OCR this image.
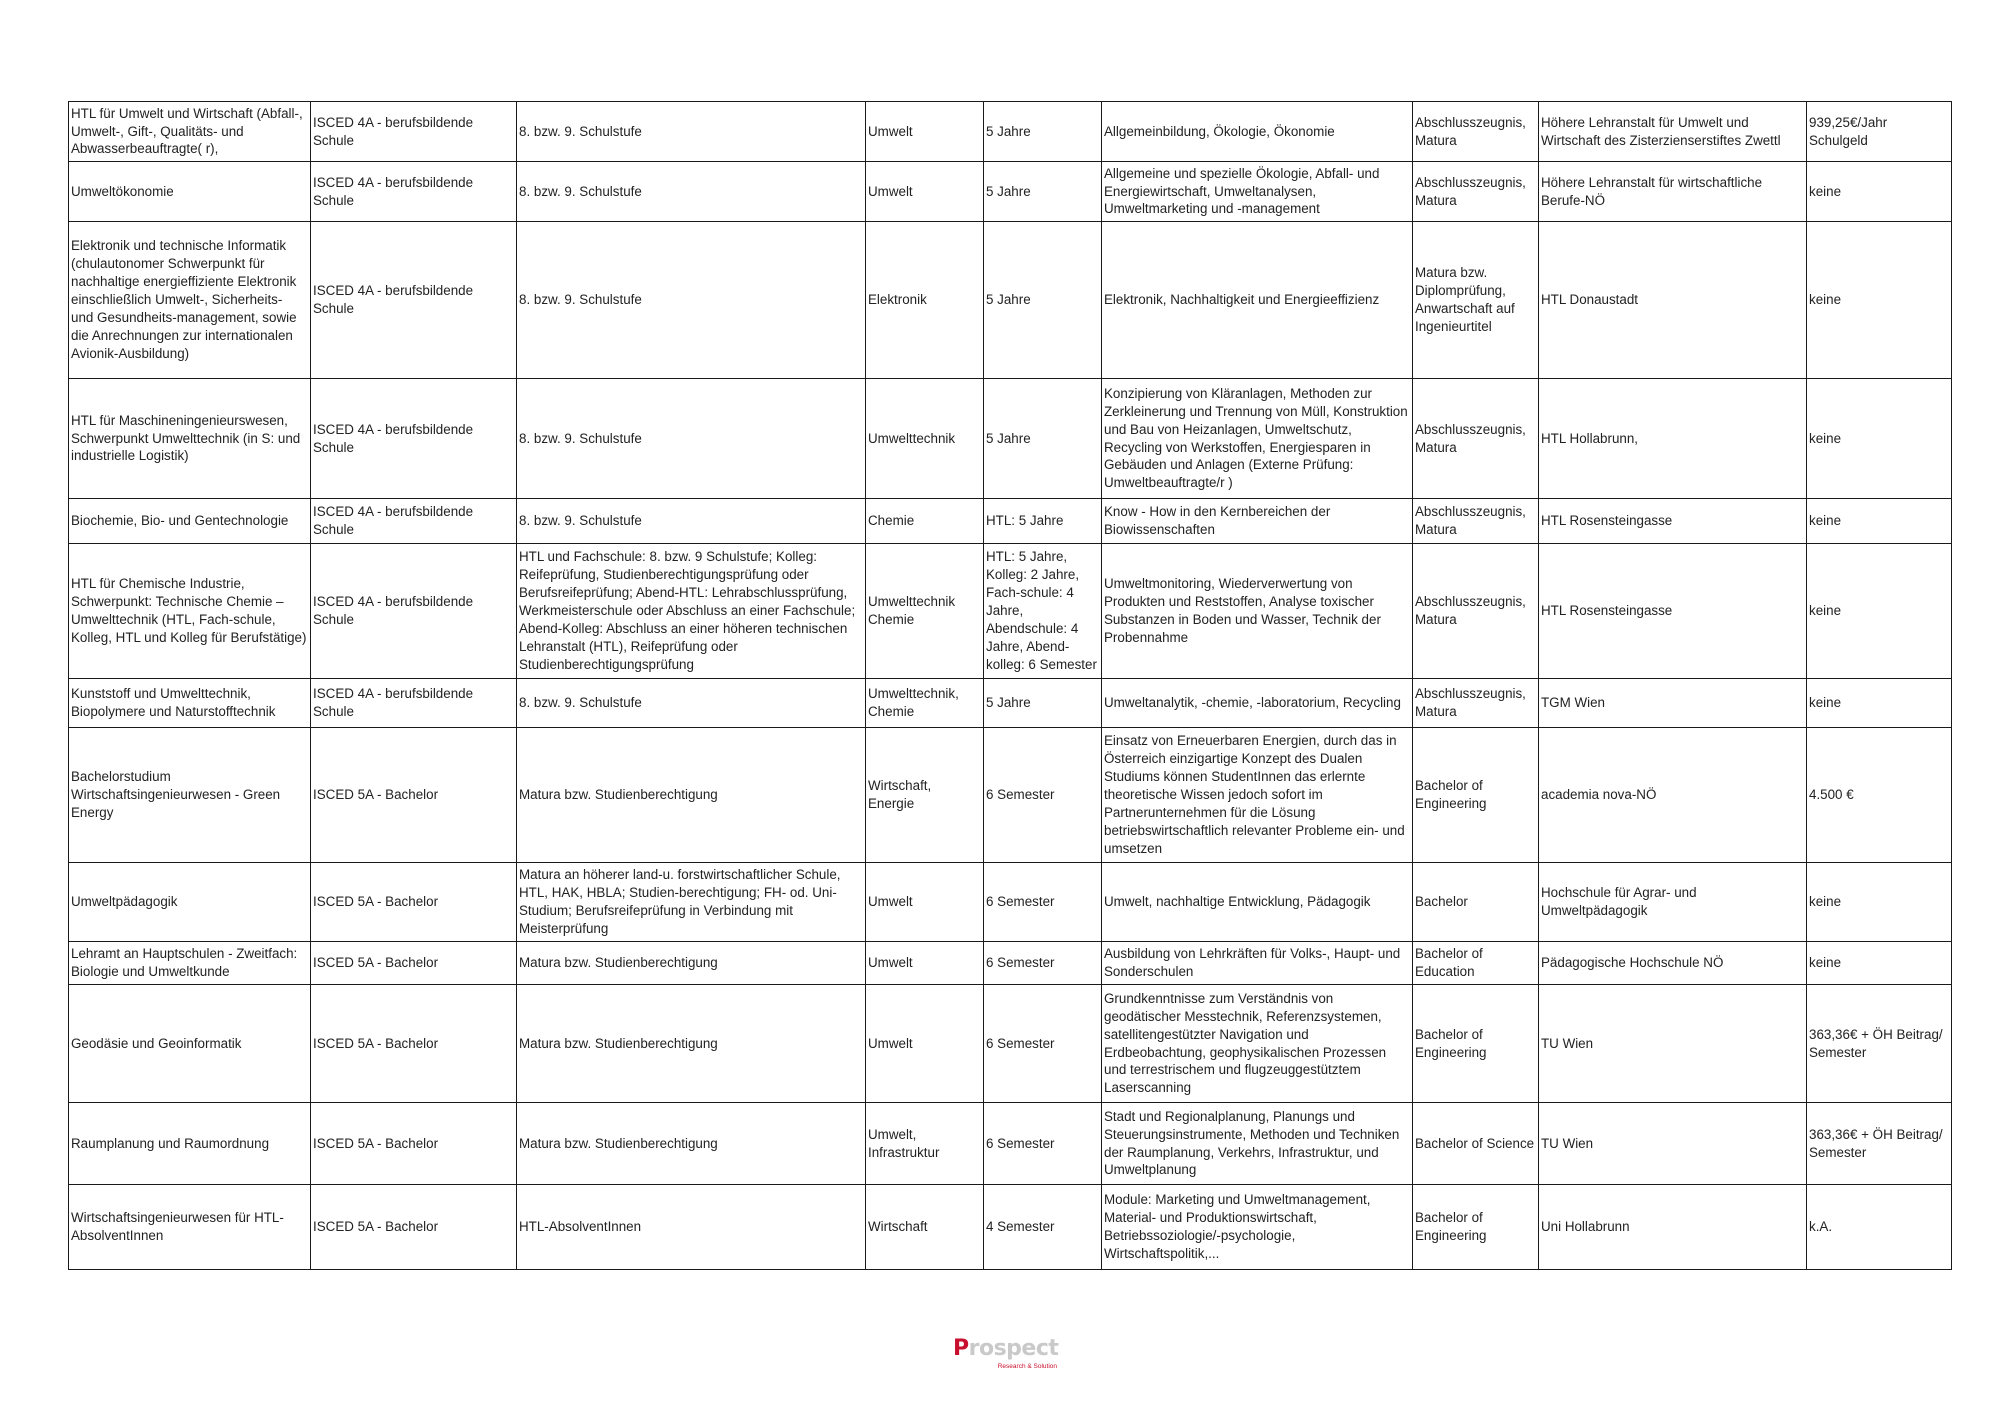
HTL für Umwelt und Wirtschaft (Abfall-, Umwelt-, Gift-, Qualitäts- und Abwasserbeauftragte( r),	ISCED 4A - berufsbildende Schule	8. bzw. 9. Schulstufe	Umwelt	5 Jahre	Allgemeinbildung, Ökologie, Ökonomie	Abschlusszeugnis, Matura	Höhere Lehranstalt für Umwelt und Wirtschaft des Zisterzienserstiftes Zwettl	939,25€/Jahr Schulgeld

Umweltökonomie	ISCED 4A - berufsbildende Schule	8. bzw. 9. Schulstufe	Umwelt	5 Jahre	Allgemeine und spezielle Ökologie, Abfall- und Energiewirtschaft, Umweltanalysen, Umweltmarketing und -management	Abschlusszeugnis, Matura	Höhere Lehranstalt für wirtschaftliche Berufe-NÖ	keine

Elektronik und technische Informatik (chulautonomer Schwerpunkt für nachhaltige energieffiziente Elektronik einschließlich Umwelt-, Sicherheits- und Gesundheits-management, sowie die Anrechnungen zur internationalen Avionik-Ausbildung)	ISCED 4A - berufsbildende Schule	8. bzw. 9. Schulstufe	Elektronik	5 Jahre	Elektronik, Nachhaltigkeit und Energieeffizienz	Matura bzw. Diplomprüfung, Anwartschaft auf Ingenieurtitel	HTL Donaustadt	keine

HTL für Maschineningenieurswesen, Schwerpunkt Umwelttechnik (in S: und industrielle Logistik)	ISCED 4A - berufsbildende Schule	8. bzw. 9. Schulstufe	Umwelttechnik	5 Jahre	Konzipierung von Kläranlagen, Methoden zur Zerkleinerung und Trennung von Müll, Konstruktion und Bau von Heizanlagen, Umweltschutz, Recycling von Werkstoffen, Energiesparen in Gebäuden und Anlagen (Externe Prüfung: Umweltbeauftragte/r )	Abschlusszeugnis, Matura	HTL Hollabrunn,	keine

Biochemie, Bio- und Gentechnologie	ISCED 4A - berufsbildende Schule	8. bzw. 9. Schulstufe	Chemie	HTL: 5 Jahre	Know - How in den Kernbereichen der Biowissenschaften	Abschlusszeugnis, Matura	HTL Rosensteingasse	keine

HTL für Chemische Industrie, Schwerpunkt: Technische Chemie – Umwelttechnik (HTL, Fach-schule, Kolleg, HTL und Kolleg für Berufstätige)	ISCED 4A - berufsbildende Schule	HTL und Fachschule: 8. bzw. 9 Schulstufe; Kolleg: Reifeprüfung, Studienberechtigungsprüfung oder Berufsreifeprüfung; Abend-HTL: Lehrabschlussprüfung, Werkmeisterschule oder Abschluss an einer Fachschule; Abend-Kolleg: Abschluss an einer höheren technischen Lehranstalt (HTL), Reifeprüfung oder Studienberechtigungsprüfung	Umwelttechnik Chemie	HTL: 5 Jahre, Kolleg: 2 Jahre, Fach-schule: 4 Jahre, Abendschule: 4 Jahre, Abend-kolleg: 6 Semester	Umweltmonitoring, Wiederverwertung von Produkten und Reststoffen, Analyse toxischer Substanzen in Boden und Wasser, Technik der Probennahme	Abschlusszeugnis, Matura	HTL Rosensteingasse	keine

Kunststoff und Umwelttechnik, Biopolymere und Naturstofftechnik	ISCED 4A - berufsbildende Schule	8. bzw. 9. Schulstufe	Umwelttechnik, Chemie	5 Jahre	Umweltanalytik, -chemie, -laboratorium, Recycling	Abschlusszeugnis, Matura	TGM Wien	keine

Bachelorstudium Wirtschaftsingenieurwesen - Green Energy	ISCED 5A - Bachelor	Matura bzw. Studienberechtigung	Wirtschaft, Energie	6 Semester	Einsatz von Erneuerbaren Energien, durch das in Österreich einzigartige Konzept des Dualen Studiums können StudentInnen das erlernte theoretische Wissen jedoch sofort im Partnerunternehmen für die Lösung betriebswirtschaftlich relevanter Probleme ein- und umsetzen	Bachelor of Engineering	academia nova-NÖ	4.500 €

Umweltpädagogik	ISCED 5A - Bachelor	Matura an höherer land-u. forstwirtschaftlicher Schule, HTL, HAK, HBLA; Studien-berechtigung; FH- od. Uni-Studium; Berufsreifeprüfung in Verbindung mit Meisterprüfung	Umwelt	6 Semester	Umwelt, nachhaltige Entwicklung, Pädagogik	Bachelor	Hochschule für Agrar- und Umweltpädagogik	keine

Lehramt an Hauptschulen - Zweitfach: Biologie und Umweltkunde	ISCED 5A - Bachelor	Matura bzw. Studienberechtigung	Umwelt	6 Semester	Ausbildung von Lehrkräften für Volks-, Haupt- und Sonderschulen	Bachelor of Education	Pädagogische Hochschule NÖ	keine

Geodäsie und Geoinformatik	ISCED 5A - Bachelor	Matura bzw. Studienberechtigung	Umwelt	6 Semester	Grundkenntnisse zum Verständnis von geodätischer Messtechnik, Referenzsystemen, satellitengestützter Navigation und Erdbeobachtung, geophysikalischen Prozessen und terrestrischem und flugzeuggestütztem Laserscanning	Bachelor of Engineering	TU Wien	363,36€ + ÖH Beitrag/ Semester

Raumplanung und Raumordnung	ISCED 5A - Bachelor	Matura bzw. Studienberechtigung	Umwelt, Infrastruktur	6 Semester	Stadt und Regionalplanung, Planungs und Steuerungsinstrumente, Methoden und Techniken der Raumplanung, Verkehrs, Infrastruktur, und Umweltplanung	Bachelor of Science	TU Wien	363,36€ + ÖH Beitrag/ Semester

Wirtschaftsingenieurwesen für HTL-AbsolventInnen	ISCED 5A - Bachelor	HTL-AbsolventInnen	Wirtschaft	4 Semester	Module: Marketing und Umweltmanagement, Material- und Produktionswirtschaft, Betriebssoziologie/-psychologie, Wirtschaftspolitik,...	Bachelor of Engineering	Uni Hollabrunn	k.A.
Prospect
Research & Solution
